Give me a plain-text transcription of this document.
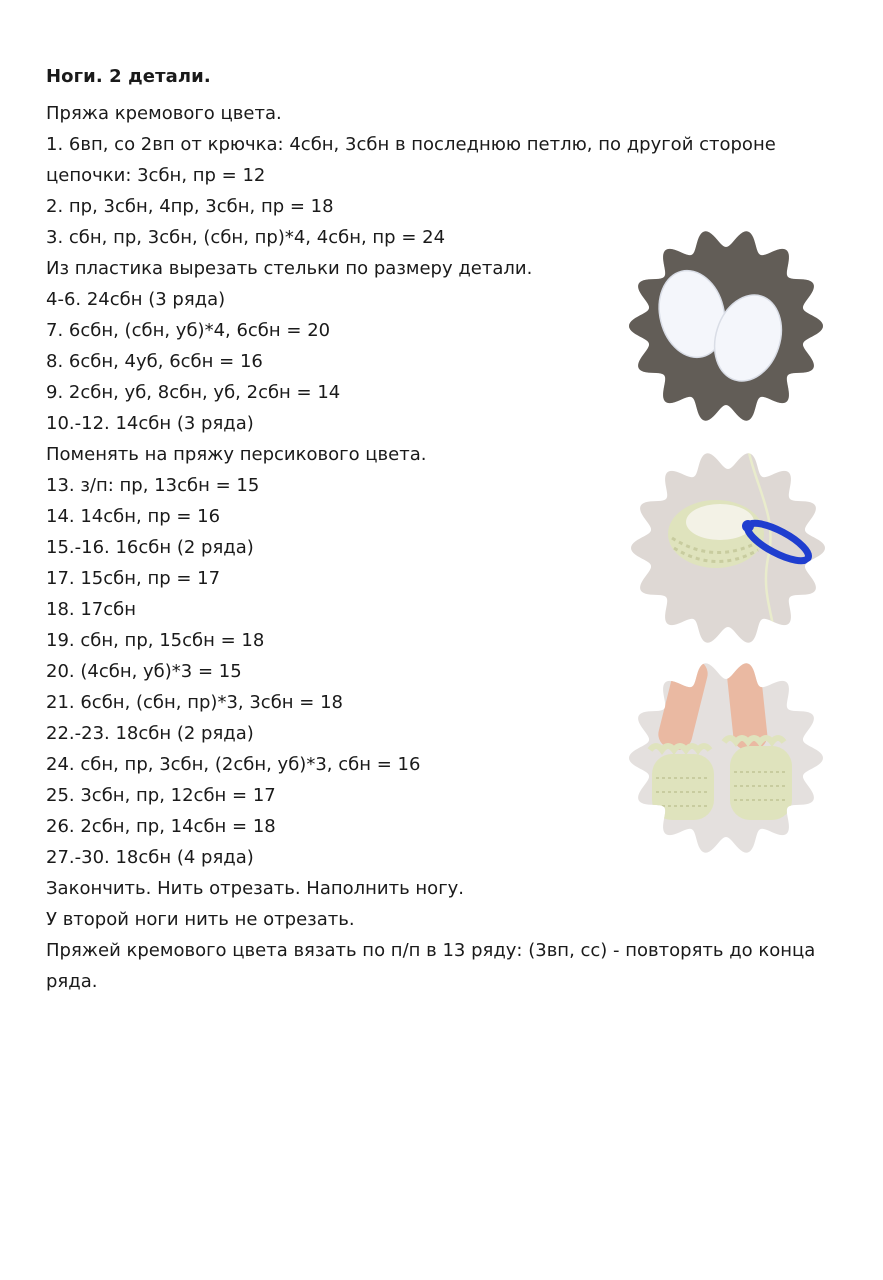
Ноги. 2 детали.
Пряжа кремового цвета.
1. 6вп, со 2вп от крючка: 4сбн, 3сбн в последнюю петлю, по другой стороне цепочки: 3сбн, пр = 12
2. пр, 3сбн, 4пр, 3сбн, пр = 18
3. сбн, пр, 3сбн, (сбн, пр)*4, 4сбн, пр = 24
Из пластика вырезать стельки по размеру детали.
4-6. 24сбн (3 ряда)
7. 6сбн, (сбн, уб)*4, 6сбн = 20
8. 6сбн, 4уб, 6сбн = 16
9. 2сбн, уб, 8сбн, уб, 2сбн = 14
10.-12. 14сбн (3 ряда)
Поменять на пряжу персикового цвета.
13. з/п: пр, 13сбн = 15
14. 14сбн, пр = 16
15.-16. 16сбн (2 ряда)
17. 15сбн, пр = 17
18. 17сбн
19. сбн, пр, 15сбн = 18
20. (4сбн, уб)*3 = 15
21. 6сбн, (сбн, пр)*3, 3сбн = 18
22.-23. 18сбн (2 ряда)
24. сбн, пр, 3сбн, (2сбн, уб)*3, сбн = 16
25. 3сбн, пр, 12сбн = 17
26. 2сбн, пр, 14сбн = 18
27.-30. 18сбн (4 ряда)
Закончить. Нить отрезать. Наполнить ногу.
У второй ноги нить не отрезать.
Пряжей кремового цвета вязать по п/п в 13 ряду: (3вп, сс) - повторять до конца ряда.
